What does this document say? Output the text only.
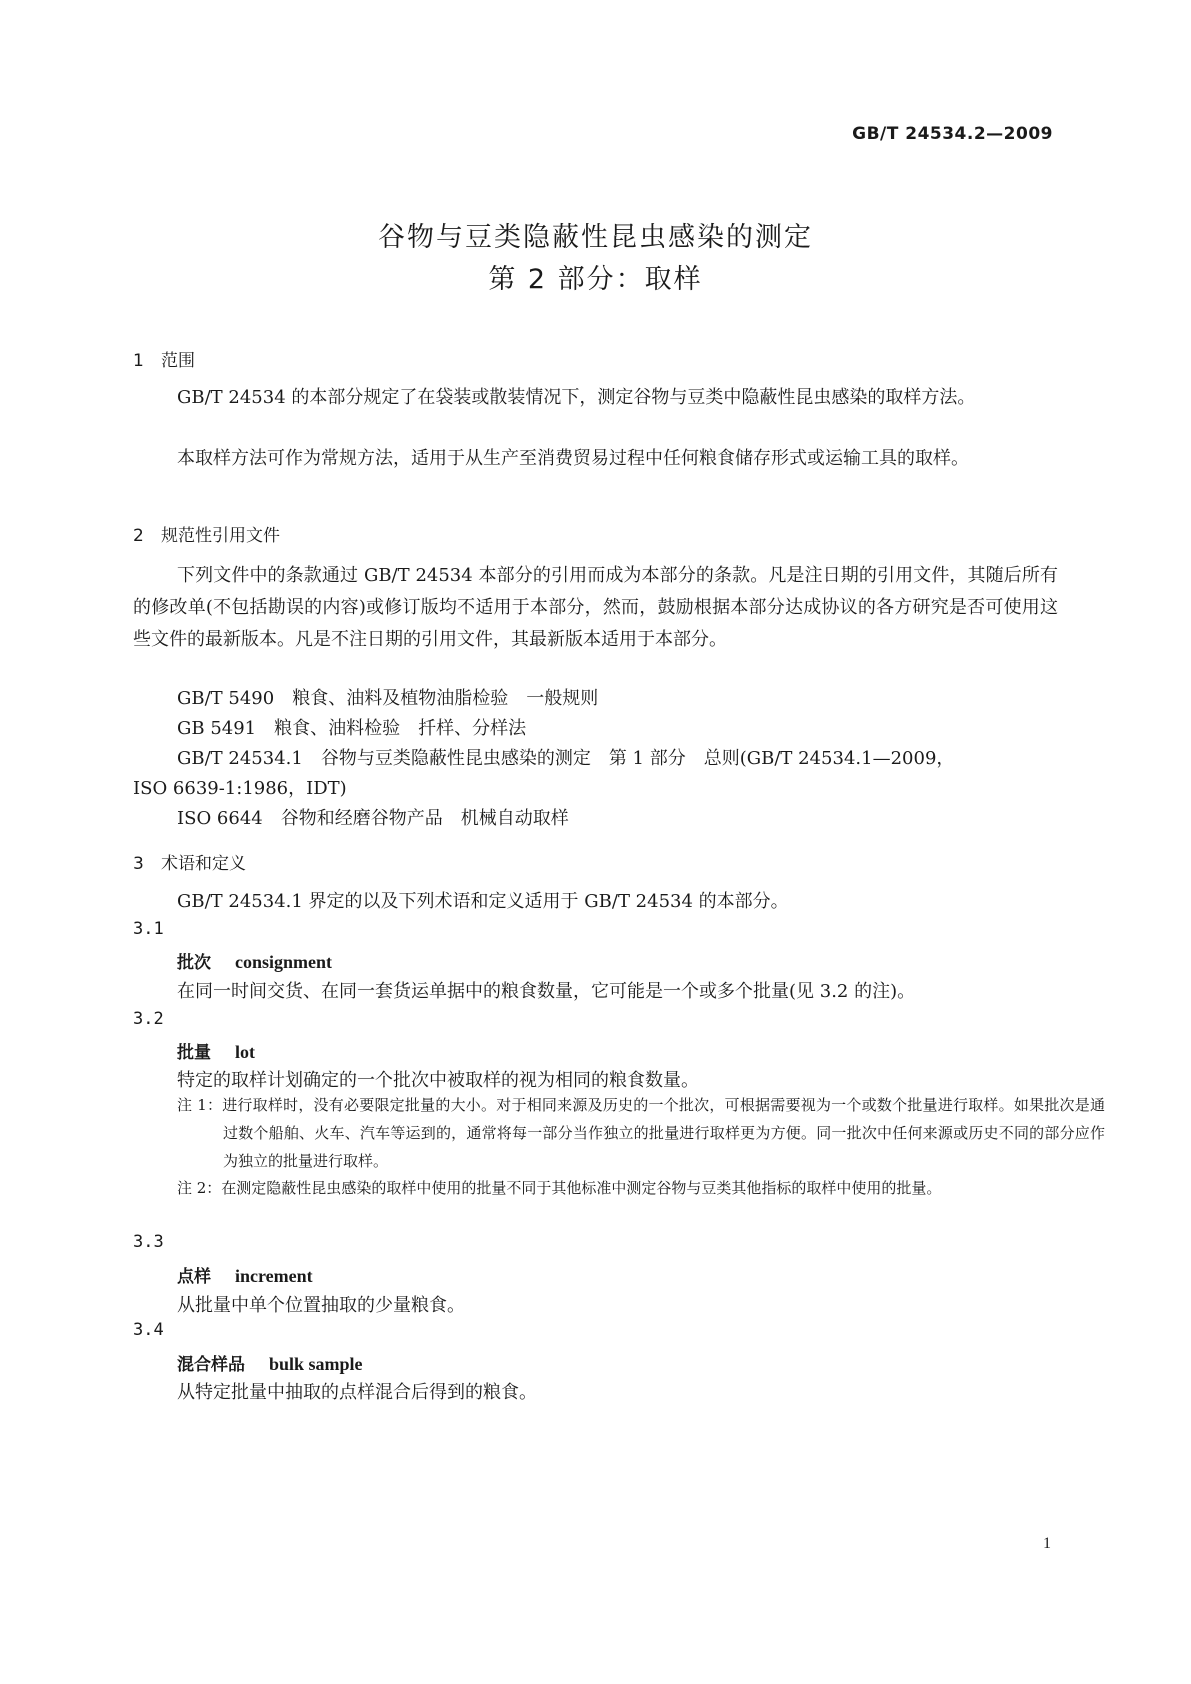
GB/T 24534.2—2009
谷物与豆类隐蔽性昆虫感染的测定
第 2 部分：取样
1 范围

GB/T 24534 的本部分规定了在袋装或散装情况下，测定谷物与豆类中隐蔽性昆虫感染的取样方法。

本取样方法可作为常规方法，适用于从生产至消费贸易过程中任何粮食储存形式或运输工具的取样。

2 规范性引用文件

下列文件中的条款通过 GB/T 24534 本部分的引用而成为本部分的条款。凡是注日期的引用文件，其随后所有的修改单(不包括勘误的内容)或修订版均不适用于本部分，然而，鼓励根据本部分达成协议的各方研究是否可使用这些文件的最新版本。凡是不注日期的引用文件，其最新版本适用于本部分。

GB/T 5490　粮食、油料及植物油脂检验　一般规则
GB 5491　粮食、油料检验　扦样、分样法
GB/T 24534.1　谷物与豆类隐蔽性昆虫感染的测定　第 1 部分　总则(GB/T 24534.1—2009，
ISO 6639-1:1986，IDT)
ISO 6644　谷物和经磨谷物产品　机械自动取样
3 术语和定义
GB/T 24534.1 界定的以及下列术语和定义适用于 GB/T 24534 的本部分。
3.1
批次 consignment
在同一时间交货、在同一套货运单据中的粮食数量，它可能是一个或多个批量(见 3.2 的注)。
3.2
批量 lot
特定的取样计划确定的一个批次中被取样的视为相同的粮食数量。

注 1：进行取样时，没有必要限定批量的大小。对于相同来源及历史的一个批次，可根据需要视为一个或数个批量进行取样。如果批次是通过数个船舶、火车、汽车等运到的，通常将每一部分当作独立的批量进行取样更为方便。同一批次中任何来源或历史不同的部分应作为独立的批量进行取样。

注 2：在测定隐蔽性昆虫感染的取样中使用的批量不同于其他标准中测定谷物与豆类其他指标的取样中使用的批量。

3.3
点样 increment
从批量中单个位置抽取的少量粮食。
3.4
混合样品 bulk sample
从特定批量中抽取的点样混合后得到的粮食。
1
